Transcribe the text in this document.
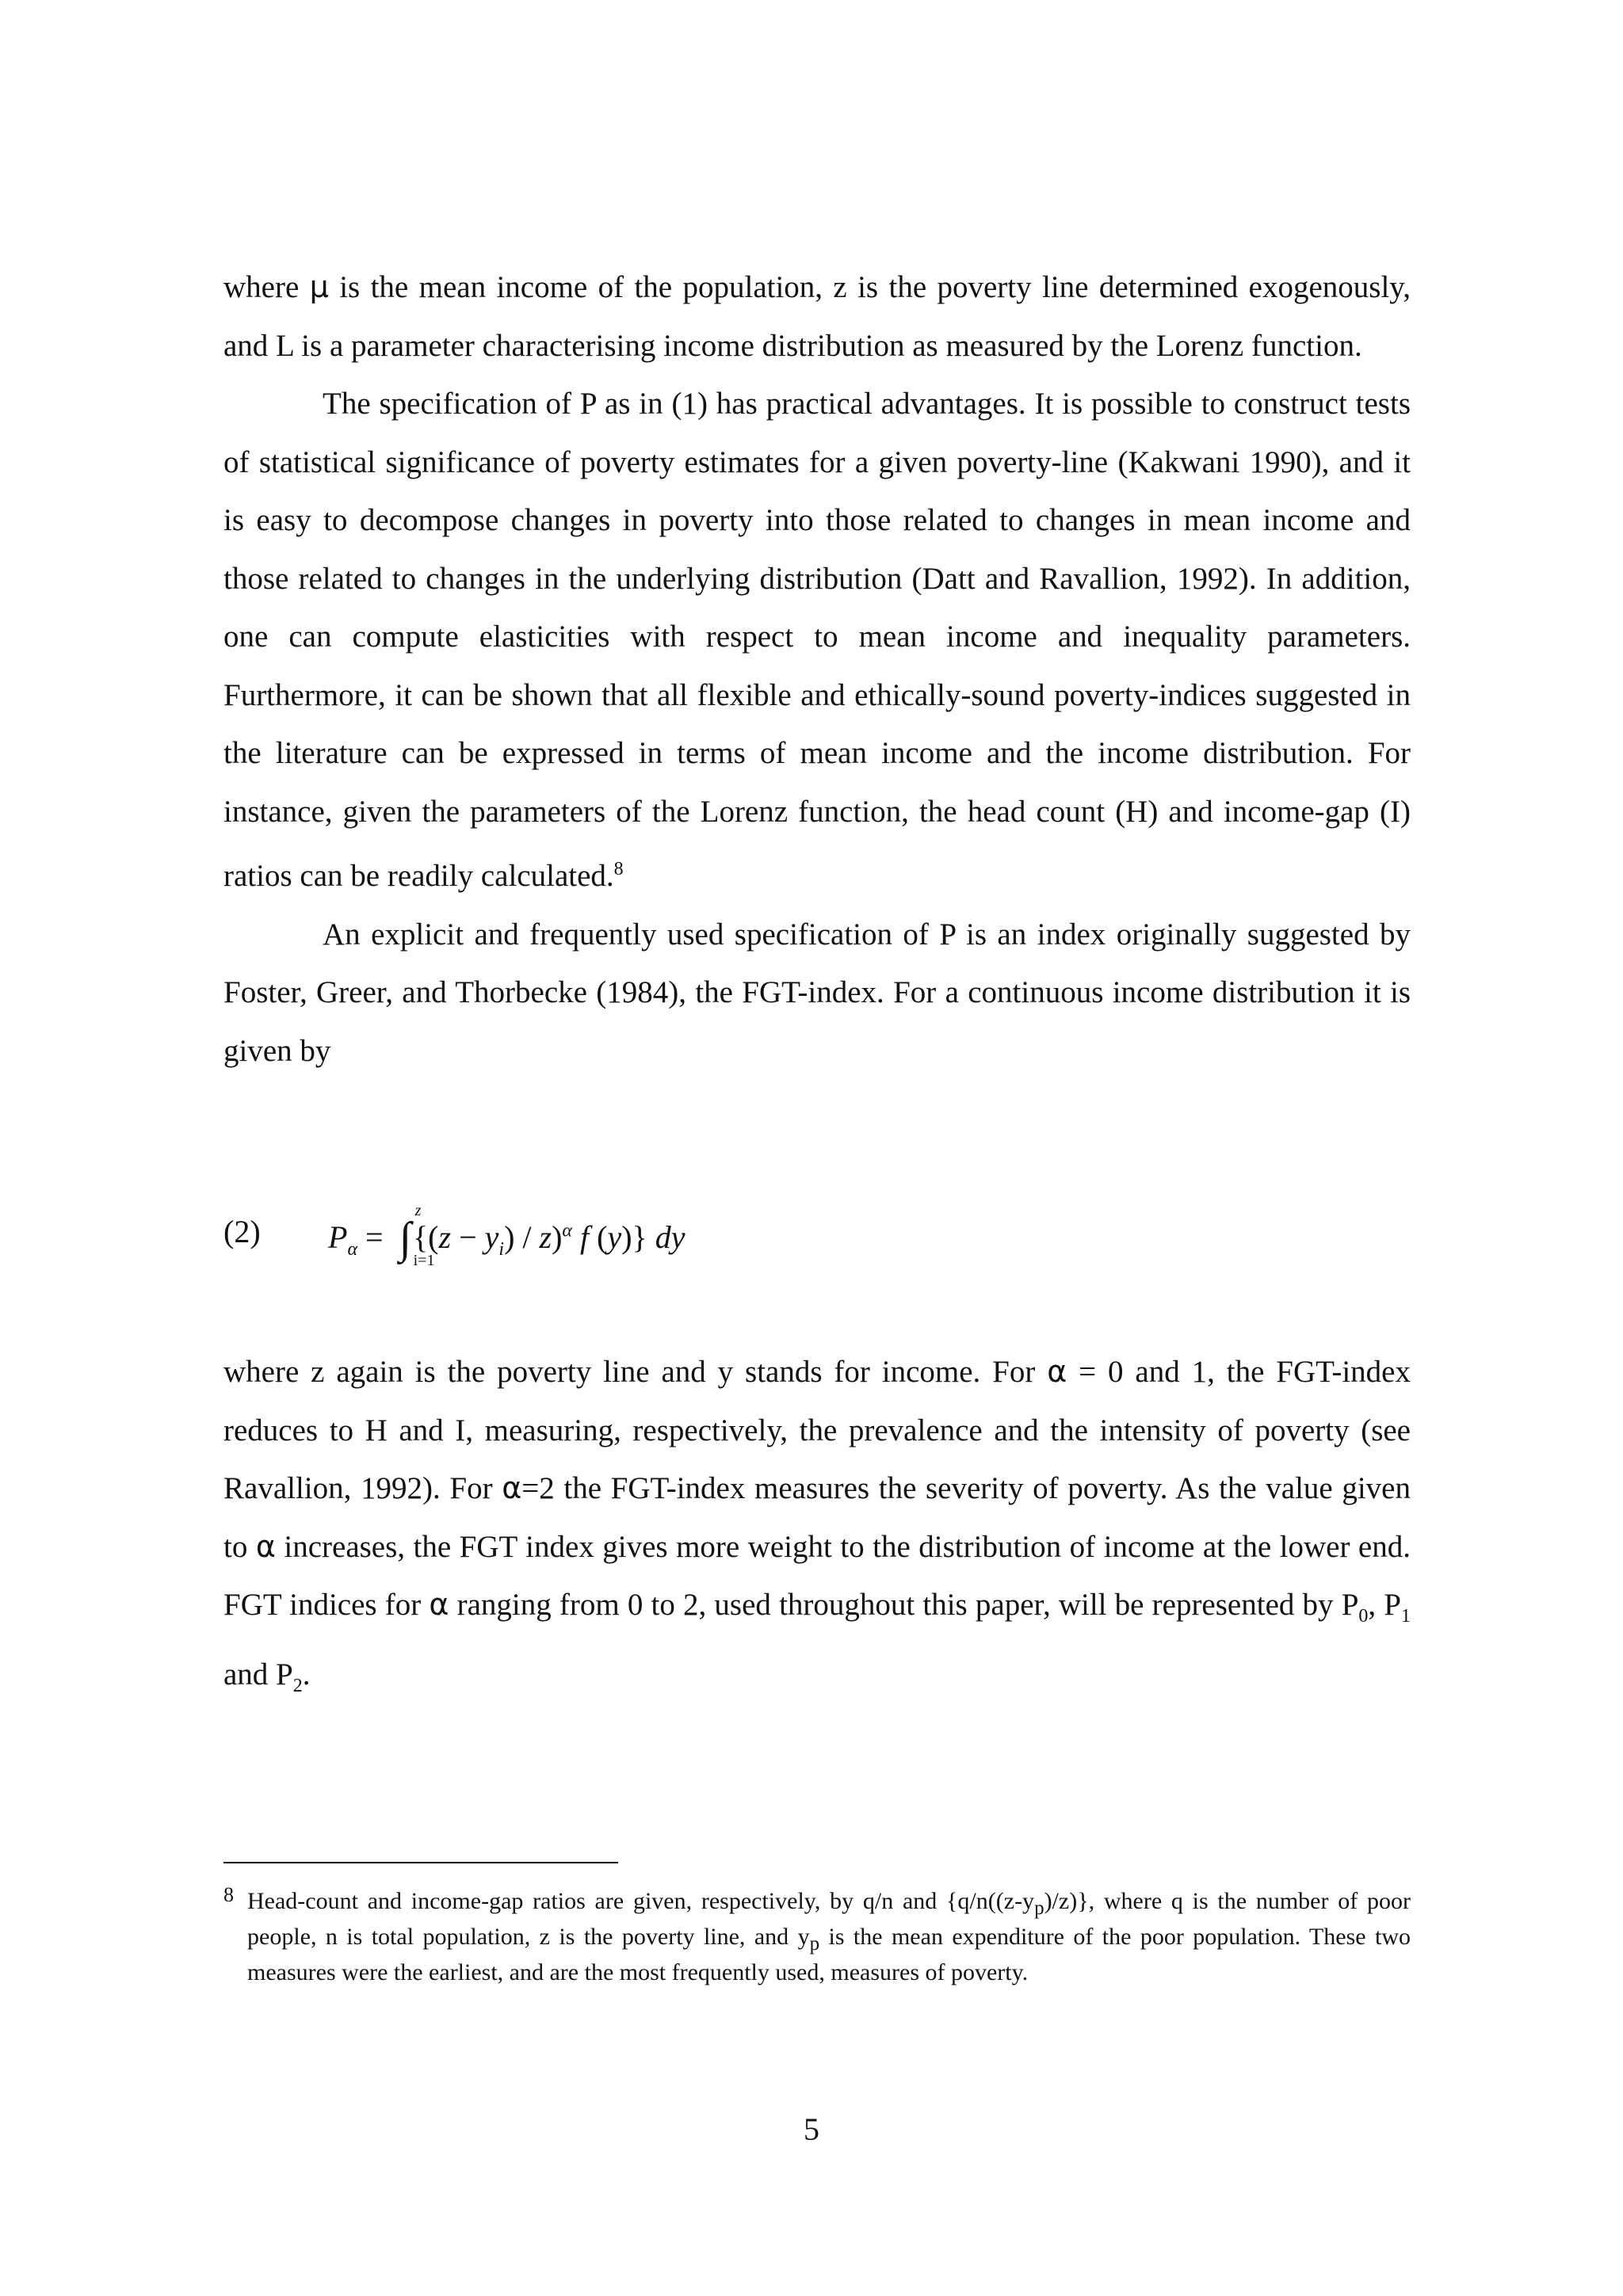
where μ is the mean income of the population, z is the poverty line determined exogenously, and L is a parameter characterising income distribution as measured by the Lorenz function.

The specification of P as in (1) has practical advantages. It is possible to construct tests of statistical significance of poverty estimates for a given poverty-line (Kakwani 1990), and it is easy to decompose changes in poverty into those related to changes in mean income and those related to changes in the underlying distribution (Datt and Ravallion, 1992). In addition, one can compute elasticities with respect to mean income and inequality parameters. Furthermore, it can be shown that all flexible and ethically-sound poverty-indices suggested in the literature can be expressed in terms of mean income and the income distribution. For instance, given the parameters of the Lorenz function, the head count (H) and income-gap (I) ratios can be readily calculated.$^8$

An explicit and frequently used specification of P is an index originally suggested by Foster, Greer, and Thorbecke (1984), the FGT-index. For a continuous income distribution it is given by

(2) $P_\alpha$ = ∫
z
i=1
$\{(z - y_i) / z)^\alpha$ f (y)} dy

where z again is the poverty line and y stands for income. For α = 0 and 1, the FGT-index reduces to H and I, measuring, respectively, the prevalence and the intensity of poverty (see Ravallion, 1992). For α=2 the FGT-index measures the severity of poverty. As the value given to α increases, the FGT index gives more weight to the distribution of income at the lower end. FGT indices for α ranging from 0 to 2, used throughout this paper, will be represented by $P_0$, $P_1$ and $P_2$.

8 Head-count and income-gap ratios are given, respectively, by q/n and $\{q/n((z-y_p)/z)\}$, where q is the number of poor people, n is total population, z is the poverty line, and $y_p$ is the mean expenditure of the poor population. These two measures were the earliest, and are the most frequently used, measures of poverty.
5
